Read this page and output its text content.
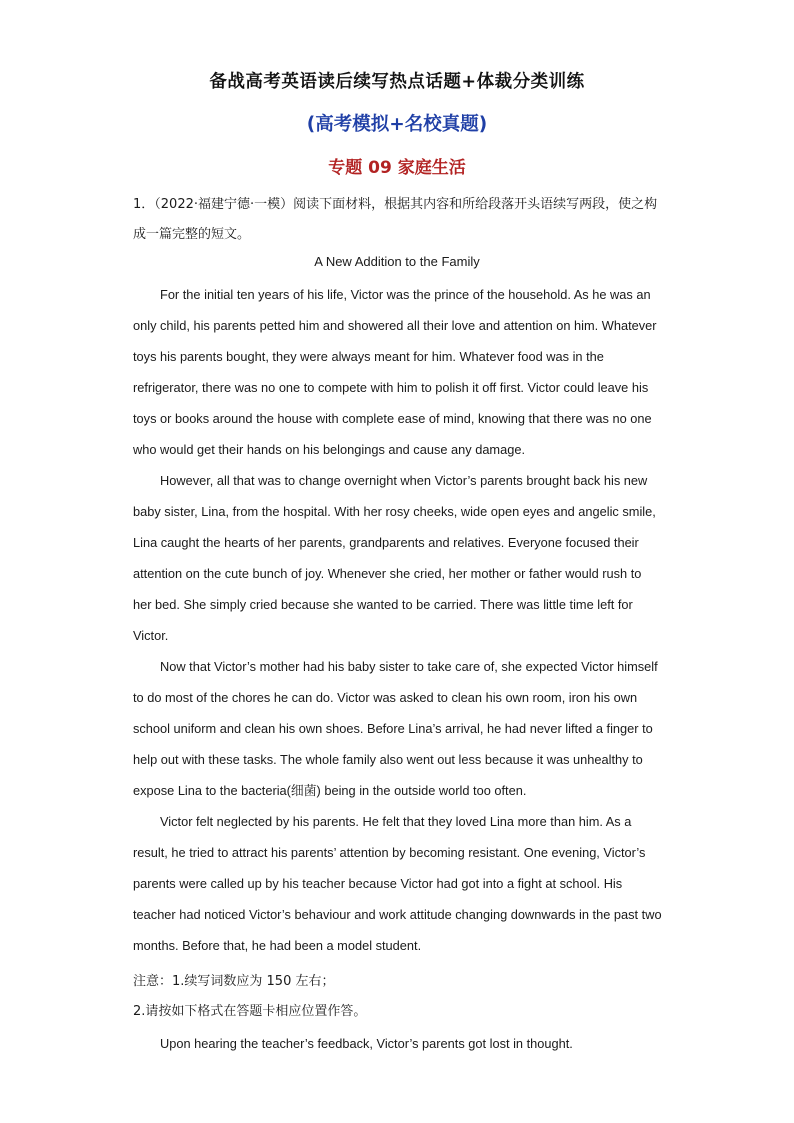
备战高考英语读后续写热点话题+体裁分类训练
(高考模拟+名校真题)
专题 09 家庭生活
1．（2022·福建宁德·一模）阅读下面材料，根据其内容和所给段落开头语续写两段，使之构成一篇完整的短文。
A New Addition to the Family

For the initial ten years of his life, Victor was the prince of the household. As he was an only child, his parents petted him and showered all their love and attention on him. Whatever toys his parents bought, they were always meant for him. Whatever food was in the refrigerator, there was no one to compete with him to polish it off first. Victor could leave his toys or books around the house with complete ease of mind, knowing that there was no one who would get their hands on his belongings and cause any damage.

However, all that was to change overnight when Victor’s parents brought back his new baby sister, Lina, from the hospital. With her rosy cheeks, wide open eyes and angelic smile, Lina caught the hearts of her parents, grandparents and relatives. Everyone focused their attention on the cute bunch of joy. Whenever she cried, her mother or father would rush to her bed. She simply cried because she wanted to be carried. There was little time left for Victor.

Now that Victor’s mother had his baby sister to take care of, she expected Victor himself to do most of the chores he can do. Victor was asked to clean his own room, iron his own school uniform and clean his own shoes. Before Lina’s arrival, he had never lifted a finger to help out with these tasks. The whole family also went out less because it was unhealthy to expose Lina to the bacteria(细菌) being in the outside world too often.

Victor felt neglected by his parents. He felt that they loved Lina more than him. As a result, he tried to attract his parents’ attention by becoming resistant. One evening, Victor’s parents were called up by his teacher because Victor had got into a fight at school. His teacher had noticed Victor’s behaviour and work attitude changing downwards in the past two months. Before that, he had been a model student.

注意：1.续写词数应为 150 左右；
2.请按如下格式在答题卡相应位置作答。
Upon hearing the teacher’s feedback, Victor’s parents got lost in thought.
